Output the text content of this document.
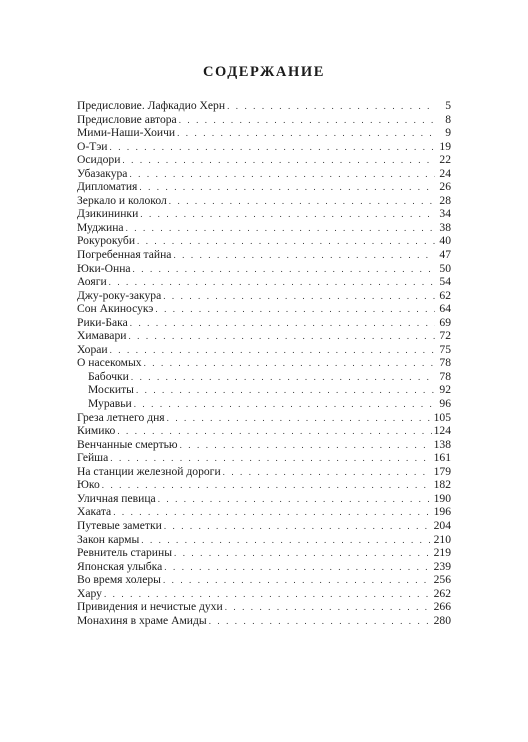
СОДЕРЖАНИЕ
Предисловие. Лафкадио Херн . . .	5
Предисловие автора . . .	8
Мими-Наши-Хоичи . . .	9
О-Тэи . . .	19
Осидори . . .	22
Убазакура . . .	24
Дипломатия . . .	26
Зеркало и колокол . . .	28
Дзикининки . . .	34
Муджина . . .	38
Рокурокуби . . .	40
Погребенная тайна . . .	47
Юки-Онна . . .	50
Аояги . . .	54
Джу-року-закура . . .	62
Сон Акиносукэ . . .	64
Рики-Бака . . .	69
Химавари . . .	72
Хораи . . .	75
О насекомых . . .	78
Бабочки . . .	78
Москиты . . .	92
Муравьи . . .	96
Греза летнего дня . . .	105
Кимико . . .	124
Венчанные смертью . . .	138
Гейша . . .	161
На станции железной дороги . . .	179
Юко . . .	182
Уличная певица . . .	190
Хаката . . .	196
Путевые заметки . . .	204
Закон кармы . . .	210
Ревнитель старины . . .	219
Японская улыбка . . .	239
Во время холеры . . .	256
Хару . . .	262
Привидения и нечистые духи . . .	266
Монахиня в храме Амиды . . .	280
